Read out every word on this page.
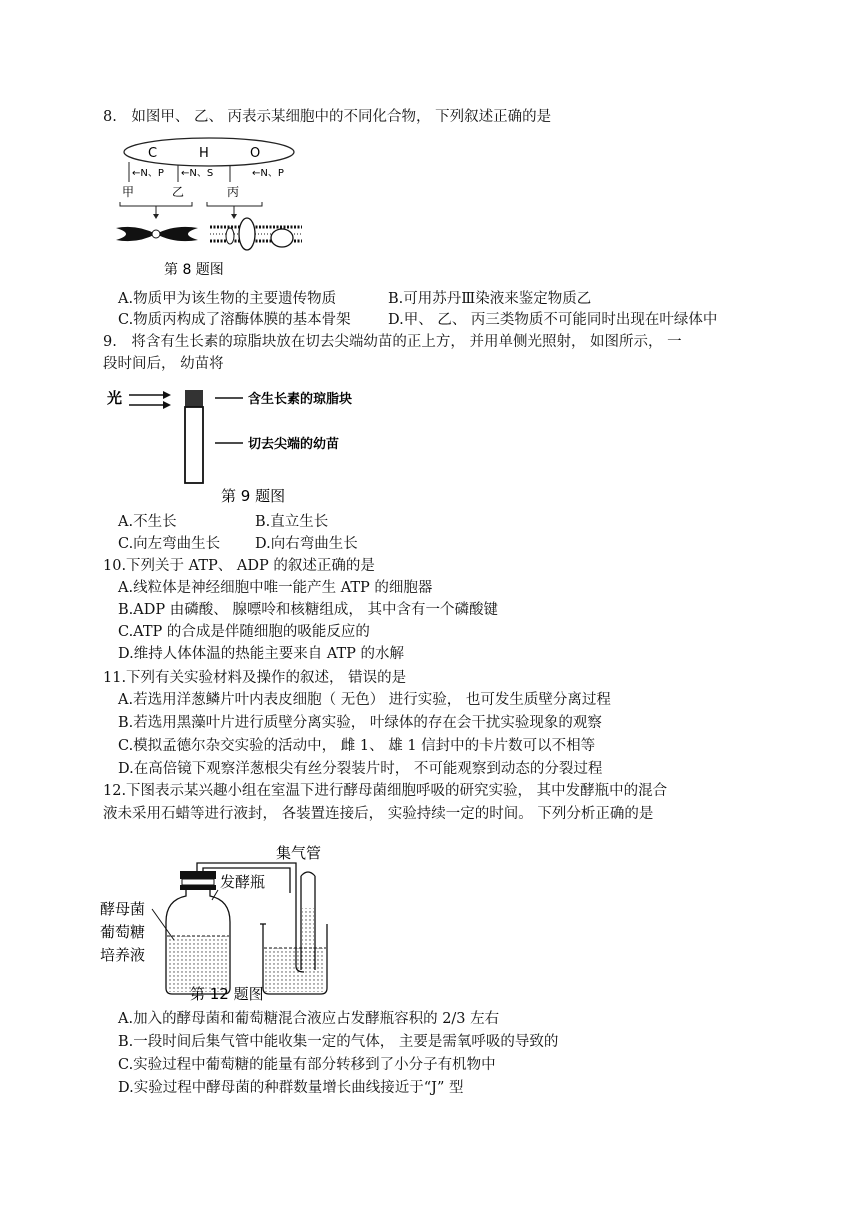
8.　如图甲、 乙、 丙表示某细胞中的不同化合物， 下列叙述正确的是
C	H	O
←N、P ←N、S	←N、P
甲	乙	丙
第 8 题图
A.物质甲为该生物的主要遗传物质	B.可用苏丹Ⅲ染液来鉴定物质乙
C.物质丙构成了溶酶体膜的基本骨架	D.甲、 乙、 丙三类物质不可能同时出现在叶绿体中
9.　将含有生长素的琼脂块放在切去尖端幼苗的正上方， 并用单侧光照射， 如图所示， 一
段时间后， 幼苗将
光	含生长素的琼脂块
切去尖端的幼苗
第 9 题图
A.不生长	B.直立生长
C.向左弯曲生长 D.向右弯曲生长
10.下列关于 ATP、 ADP 的叙述正确的是
A.线粒体是神经细胞中唯一能产生 ATP 的细胞器
B.ADP 由磷酸、 腺嘌呤和核糖组成， 其中含有一个磷酸键
C.ATP 的合成是伴随细胞的吸能反应的
D.维持人体体温的热能主要来自 ATP 的水解
11.下列有关实验材料及操作的叙述， 错误的是
A.若选用洋葱鳞片叶内表皮细胞（ 无色） 进行实验， 也可发生质壁分离过程
B.若选用黑藻叶片进行质壁分离实验， 叶绿体的存在会干扰实验现象的观察
C.模拟孟德尔杂交实验的活动中， 雌 1、 雄 1 信封中的卡片数可以不相等
D.在高倍镜下观察洋葱根尖有丝分裂装片时， 不可能观察到动态的分裂过程
12.下图表示某兴趣小组在室温下进行酵母菌细胞呼吸的研究实验， 其中发酵瓶中的混合
液未采用石蜡等进行液封， 各装置连接后， 实验持续一定的时间。 下列分析正确的是
集气管
发酵瓶
酵母菌
葡萄糖
培养液
第 12 题图
A.加入的酵母菌和葡萄糖混合液应占发酵瓶容积的 2/3 左右
B.一段时间后集气管中能收集一定的气体， 主要是需氧呼吸的导致的
C.实验过程中葡萄糖的能量有部分转移到了小分子有机物中
D.实验过程中酵母菌的种群数量增长曲线接近于“J” 型
